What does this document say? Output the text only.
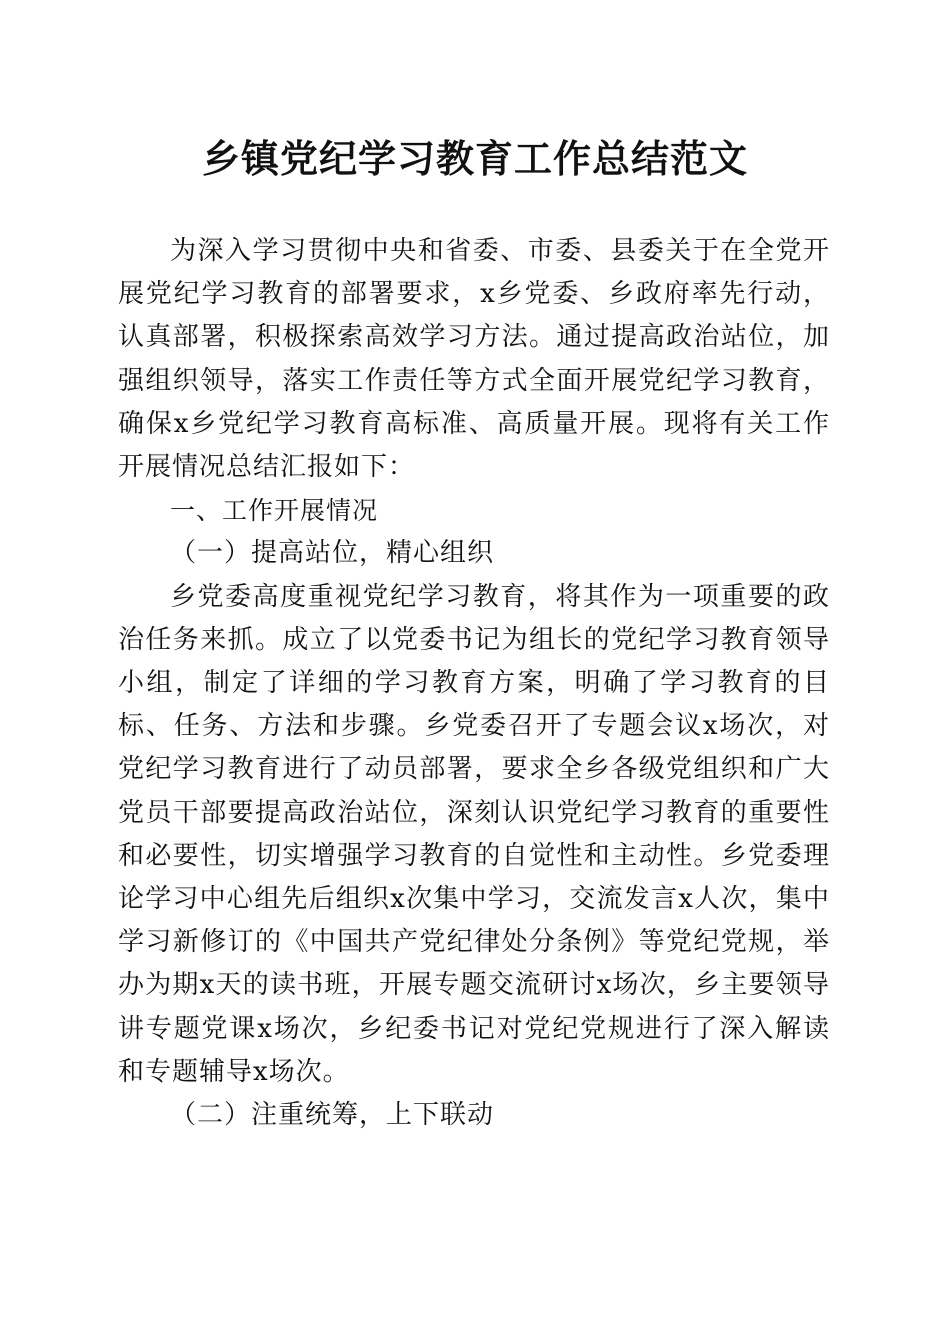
乡镇党纪学习教育工作总结范文

为深入学习贯彻中央和省委、市委、县委关于在全党开展党纪学习教育的部署要求，x乡党委、乡政府率先行动，认真部署，积极探索高效学习方法。通过提高政治站位，加强组织领导，落实工作责任等方式全面开展党纪学习教育，确保x乡党纪学习教育高标准、高质量开展。现将有关工作开展情况总结汇报如下：

一、工作开展情况

（一）提高站位，精心组织

乡党委高度重视党纪学习教育，将其作为一项重要的政治任务来抓。成立了以党委书记为组长的党纪学习教育领导小组，制定了详细的学习教育方案，明确了学习教育的目标、任务、方法和步骤。乡党委召开了专题会议x场次，对党纪学习教育进行了动员部署，要求全乡各级党组织和广大党员干部要提高政治站位，深刻认识党纪学习教育的重要性和必要性，切实增强学习教育的自觉性和主动性。乡党委理论学习中心组先后组织x次集中学习，交流发言x人次，集中学习新修订的《中国共产党纪律处分条例》等党纪党规，举办为期x天的读书班，开展专题交流研讨x场次，乡主要领导讲专题党课x场次，乡纪委书记对党纪党规进行了深入解读和专题辅导x场次。

（二）注重统筹，上下联动
